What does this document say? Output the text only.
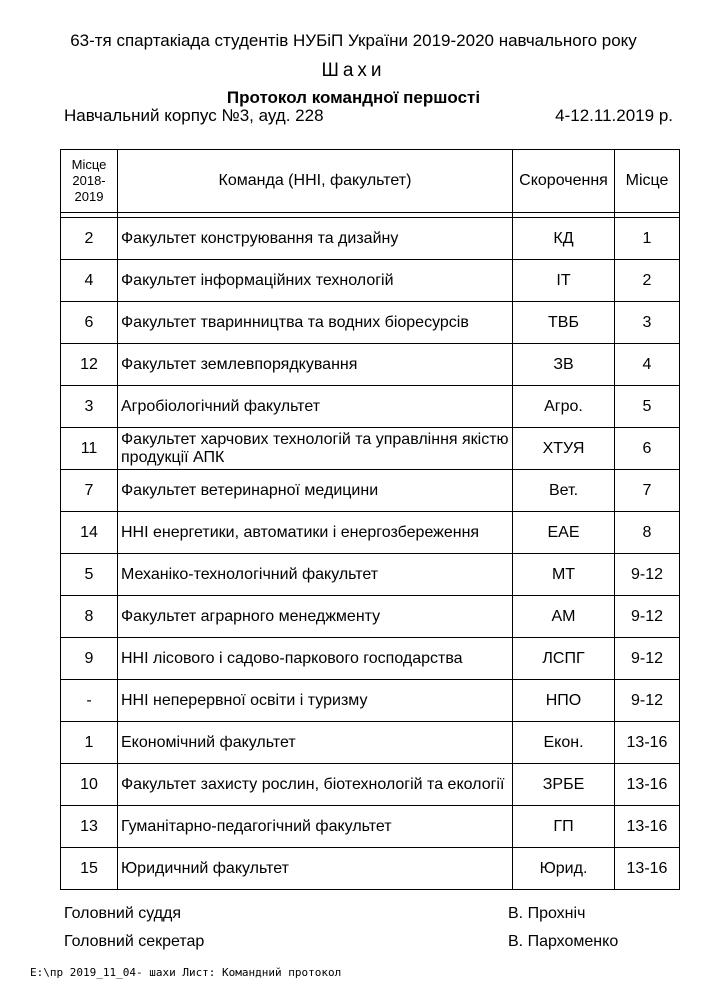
63-тя спартакіада студентів НУБіП України 2019-2020 навчального року
Шахи
Протокол командної першості
Навчальний корпус №3, ауд. 228	4-12.11.2019 р.
Місце
2018-
2019	Команда (ННІ, факультет)	Скорочення	Місце

2	Факультет конструювання та дизайну	КД	1
4	Факультет інформаційних технологій	ІТ	2
6	Факультет тваринництва та водних біоресурсів	ТВБ	3
12	Факультет землевпорядкування	ЗВ	4
3	Агробіологічний факультет	Агро.	5
11	Факультет харчових технологій та управління якістю продукції АПК	ХТУЯ	6
7	Факультет ветеринарної медицини	Вет.	7
14	ННІ енергетики, автоматики і енергозбереження	ЕАЕ	8
5	Механіко-технологічний факультет	МТ	9-12
8	Факультет аграрного менеджменту	АМ	9-12
9	ННІ лісового і садово-паркового господарства	ЛСПГ	9-12
-	ННІ неперервної освіти і туризму	НПО	9-12
1	Економічний факультет	Екон.	13-16
10	Факультет захисту рослин, біотехнологій та екології	ЗРБЕ	13-16
13	Гуманітарно-педагогічний факультет	ГП	13-16
15	Юридичний факультет	Юрид.	13-16
Головний суддя	В. Прохніч
Головний секретар	В. Пархоменко
E:\пр 2019_11_04- шахи Лист: Командний протокол
